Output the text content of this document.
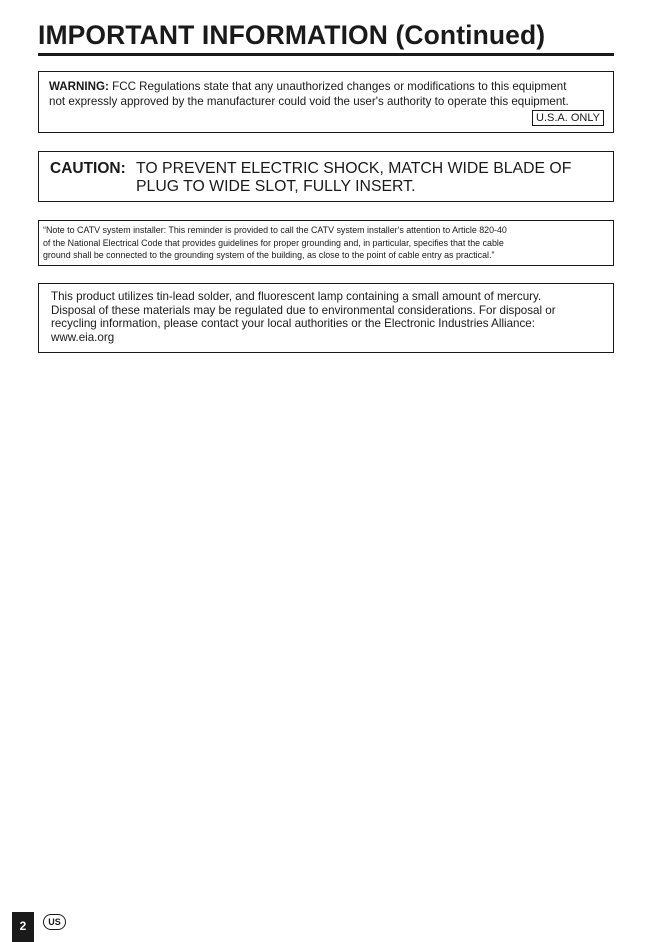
IMPORTANT INFORMATION (Continued)

WARNING: FCC Regulations state that any unauthorized changes or modifications to this equipment

not expressly approved by the manufacturer could void the user's authority to operate this equipment.

U.S.A. ONLY
CAUTION: TO PREVENT ELECTRIC SHOCK, MATCH WIDE BLADE OF
PLUG TO WIDE SLOT, FULLY INSERT.

“Note to CATV system installer: This reminder is provided to call the CATV system installer's attention to Article 820-40

of the National Electrical Code that provides guidelines for proper grounding and, in particular, specifies that the cable

ground shall be connected to the grounding system of the building, as close to the point of cable entry as practical.”

This product utilizes tin-lead solder, and fluorescent lamp containing a small amount of mercury.

Disposal of these materials may be regulated due to environmental considerations. For disposal or

recycling information, please contact your local authorities or the Electronic Industries Alliance:

www.eia.org

2	US
